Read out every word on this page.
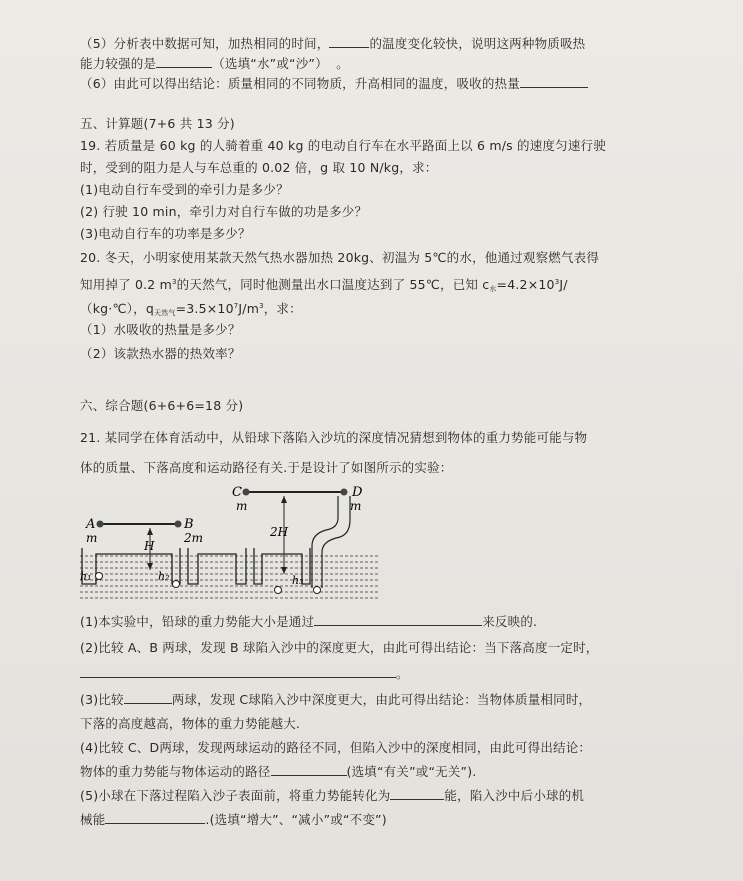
（5）分析表中数据可知，加热相同的时间，	的温度变化较快，说明这两种物质吸热
能力较强的是	（选填“水”或“沙”） 。
（6）由此可以得出结论：质量相同的不同物质，升高相同的温度，吸收的热量
五、计算题(7+6 共 13 分)
19. 若质量是 60 kg 的人骑着重 40 kg 的电动自行车在水平路面上以 6 m/s 的速度匀速行驶
时，受到的阻力是人与车总重的 0.02 倍，g 取 10 N/kg，求：
(1)电动自行车受到的牵引力是多少？
(2) 行驶 10 min，牵引力对自行车做的功是多少？
(3)电动自行车的功率是多少？
20. 冬天，小明家使用某款天然气热水器加热 20kg、初温为 5℃的水，他通过观察燃气表得
知用掉了 0.2 $m^3$的天然气，同时他测量出水口温度达到了 55℃，已知 $c_水=4.2\times 10^3J/$
（kg·℃），$q_{天然气}=3.5\times 10^7J/m^3$，求：
（1）水吸收的热量是多少？
（2）该款热水器的热效率？
六、综合题(6+6+6=18 分)
21. 某同学在体育活动中，从铅球下落陷入沙坑的深度情况猜想到物体的重力势能可能与物
体的质量、下落高度和运动路径有关.于是设计了如图所示的实验：
A	B
m	2m
H
h₁	h₂
C	D
m	m
2H
h₃
(1)本实验中，铅球的重力势能大小是通过	来反映的.
(2)比较 A、B 两球，发现 B 球陷入沙中的深度更大，由此可得出结论：当下落高度一定时，
。
(3)比较	两球，发现 C球陷入沙中深度更大，由此可得出结论：当物体质量相同时，
下落的高度越高，物体的重力势能越大.
(4)比较 C、D两球，发现两球运动的路径不同，但陷入沙中的深度相同，由此可得出结论：
物体的重力势能与物体运动的路径	(选填“有关”或“无关”).
(5)小球在下落过程陷入沙子表面前，将重力势能转化为	能，陷入沙中后小球的机
械能	.(选填“增大”、“减小”或“不变”)
